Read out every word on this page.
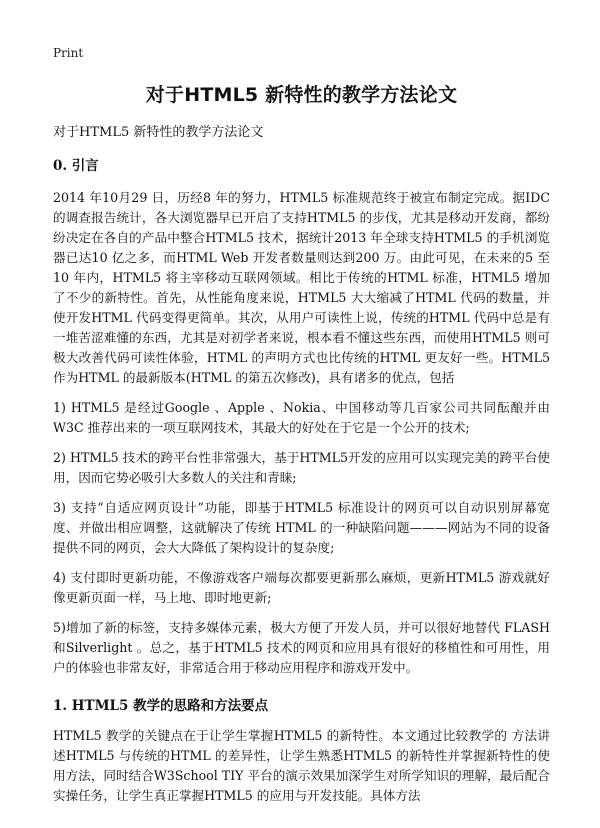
Print
对于HTML5 新特性的教学方法论文
对于HTML5 新特性的教学方法论文
0. 引言

2014 年10月29 日，历经8 年的努力，HTML5 标准规范终于被宣布制定完成。据IDC 的调查报告统计，各大浏览器早已开启了支持HTML5 的步伐，尤其是移动开发商，都纷纷决定在各自的产品中整合HTML5 技术，据统计2013 年全球支持HTML5 的手机浏览器已达10 亿之多，而HTML Web 开发者数量则达到200 万。由此可见，在未来的5 至10 年内，HTML5 将主宰移动互联网领域。相比于传统的HTML 标准，HTML5 增加了不少的新特性。首先，从性能角度来说，HTML5 大大缩减了HTML 代码的数量，并使开发HTML 代码变得更简单。其次，从用户可读性上说，传统的HTML 代码中总是有一堆苦涩难懂的东西，尤其是对初学者来说，根本看不懂这些东西，而使用HTML5 则可极大改善代码可读性体验，HTML 的声明方式也比传统的HTML 更友好一些。HTML5 作为HTML 的最新版本(HTML 的第五次修改)，具有诸多的优点，包括

1) HTML5 是经过Google 、Apple 、Nokia、中国移动等几百家公司共同酝酿并由W3C 推荐出来的一项互联网技术，其最大的好处在于它是一个公开的技术;

2) HTML5 技术的跨平台性非常强大，基于HTML5开发的应用可以实现完美的跨平台使用，因而它势必吸引大多数人的关注和青睐;

3) 支持“自适应网页设计”功能，即基于HTML5 标准设计的网页可以自动识别屏幕宽度、并做出相应调整，这就解决了传统 HTML 的一种缺陷问题———网站为不同的设备提供不同的网页，会大大降低了架构设计的复杂度;

4) 支付即时更新功能，不像游戏客户端每次都要更新那么麻烦，更新HTML5 游戏就好像更新页面一样，马上地、即时地更新;

5)增加了新的标签，支持多媒体元素，极大方便了开发人员，并可以很好地替代 FLASH 和Silverlight 。总之，基于HTML5 技术的网页和应用具有很好的移植性和可用性，用户的体验也非常友好，非常适合用于移动应用程序和游戏开发中。

1. HTML5 教学的思路和方法要点

HTML5 教学的关键点在于让学生掌握HTML5 的新特性。本文通过比较教学的 方法讲述HTML5 与传统的HTML 的差异性，让学生熟悉HTML5 的新特性并掌握新特性的使用方法，同时结合W3School TIY 平台的演示效果加深学生对所学知识的理解，最后配合实操任务，让学生真正掌握HTML5 的应用与开发技能。具体方法
